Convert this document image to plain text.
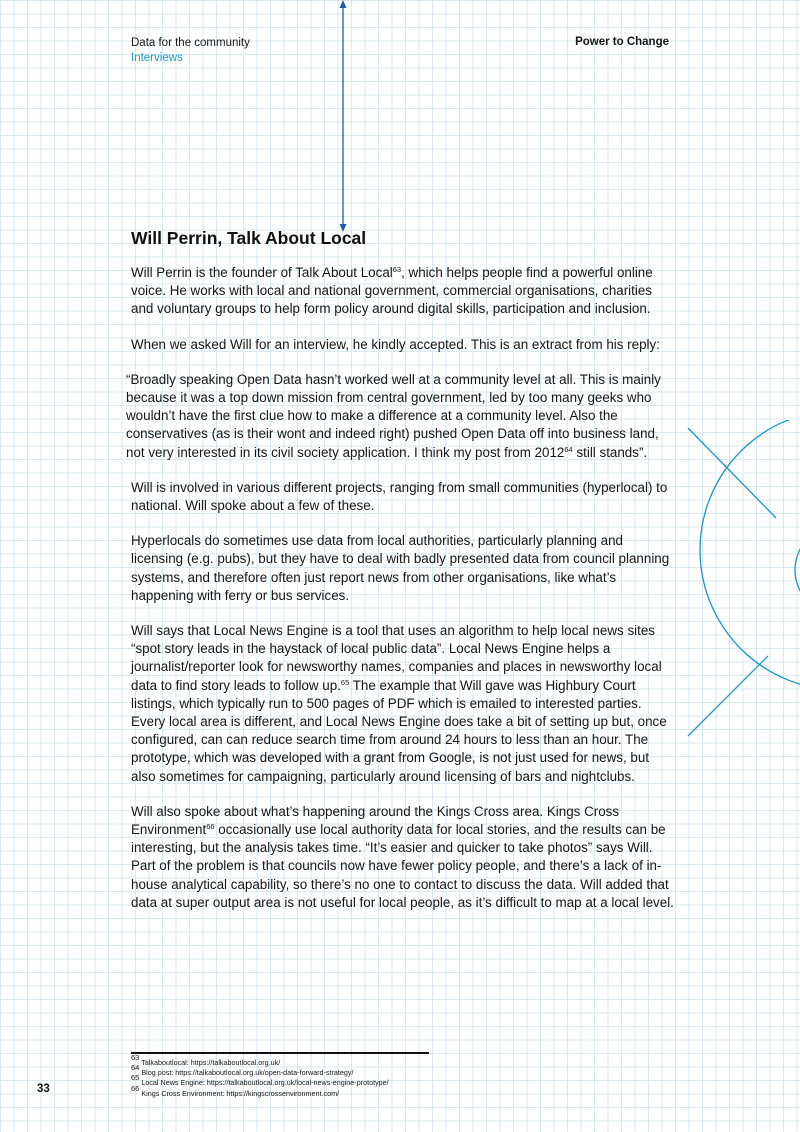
Data for the community
Interviews
Power to Change
Will Perrin, Talk About Local

Will Perrin is the founder of Talk About Local$^{63}$, which helps people find a powerful online voice. He works with local and national government, commercial organisations, charities and voluntary groups to help form policy around digital skills, participation and inclusion.

When we asked Will for an interview, he kindly accepted. This is an extract from his reply:

“Broadly speaking Open Data hasn’t worked well at a community level at all. This is mainly because it was a top down mission from central government, led by too many geeks who wouldn’t have the first clue how to make a difference at a community level. Also the conservatives (as is their wont and indeed right) pushed Open Data off into business land, not very interested in its civil society application. I think my post from 2012$^{64}$ still stands”.

Will is involved in various different projects, ranging from small communities (hyperlocal) to national. Will spoke about a few of these.

Hyperlocals do sometimes use data from local authorities, particularly planning and licensing (e.g. pubs), but they have to deal with badly presented data from council planning systems, and therefore often just report news from other organisations, like what’s happening with ferry or bus services.

Will says that Local News Engine is a tool that uses an algorithm to help local news sites “spot story leads in the haystack of local public data”. Local News Engine helps a journalist/reporter look for newsworthy names, companies and places in newsworthy local data to find story leads to follow up.$^{65}$ The example that Will gave was Highbury Court listings, which typically run to 500 pages of PDF which is emailed to interested parties. Every local area is different, and Local News Engine does take a bit of setting up but, once configured, can can reduce search time from around 24 hours to less than an hour. The prototype, which was developed with a grant from Google, is not just used for news, but also sometimes for campaigning, particularly around licensing of bars and nightclubs.

Will also spoke about what’s happening around the Kings Cross area. Kings Cross Environment$^{66}$ occasionally use local authority data for local stories, and the results can be interesting, but the analysis takes time. “It’s easier and quicker to take photos” says Will. Part of the problem is that councils now have fewer policy people, and there’s a lack of in-house analytical capability, so there’s no one to contact to discuss the data. Will added that data at super output area is not useful for local people, as it’s difficult to map at a local level.

$^{63}$ Talkaboutlocal: https://talkaboutlocal.org.uk/
$^{64}$ Blog post: https://talkaboutlocal.org.uk/open-data-forward-strategy/
$^{65}$ Local News Engine: https://talkaboutlocal.org.uk/local-news-engine-prototype/
$^{66}$ Kings Cross Environment: https://kingscrossenvironment.com/
33
